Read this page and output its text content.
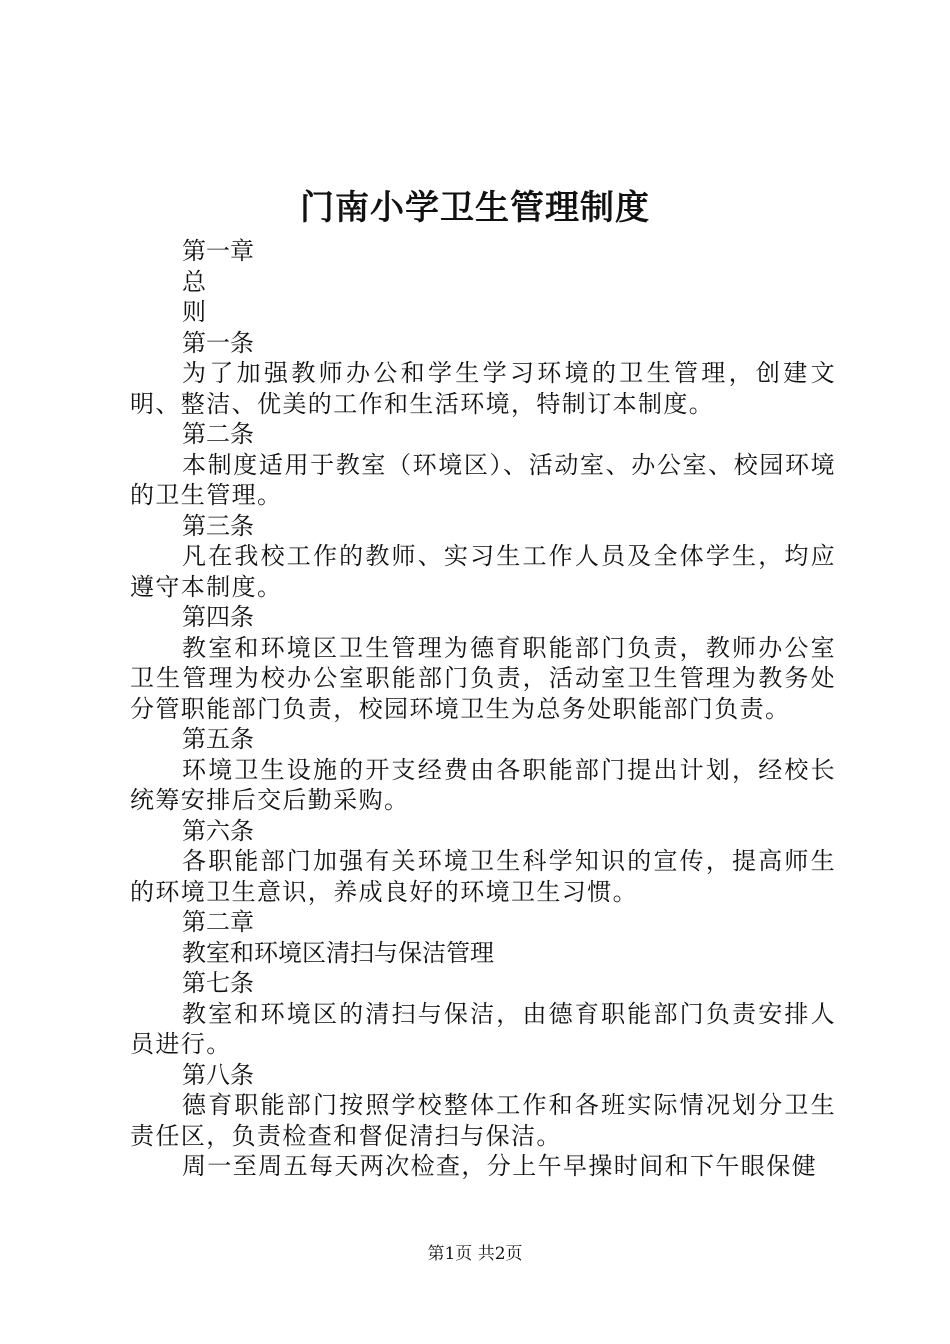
门南小学卫生管理制度
第一章
总
则
第一条
为了加强教师办公和学生学习环境的卫生管理，创建文明、整洁、优美的工作和生活环境，特制订本制度。
第二条
本制度适用于教室（环境区）、活动室、办公室、校园环境的卫生管理。
第三条
凡在我校工作的教师、实习生工作人员及全体学生，均应遵守本制度。
第四条
教室和环境区卫生管理为德育职能部门负责，教师办公室卫生管理为校办公室职能部门负责，活动室卫生管理为教务处分管职能部门负责，校园环境卫生为总务处职能部门负责。
第五条
环境卫生设施的开支经费由各职能部门提出计划，经校长统筹安排后交后勤采购。
第六条
各职能部门加强有关环境卫生科学知识的宣传，提高师生的环境卫生意识，养成良好的环境卫生习惯。
第二章
教室和环境区清扫与保洁管理
第七条
教室和环境区的清扫与保洁，由德育职能部门负责安排人员进行。
第八条
德育职能部门按照学校整体工作和各班实际情况划分卫生责任区，负责检查和督促清扫与保洁。
周一至周五每天两次检查，分上午早操时间和下午眼保健
第1页 共2页
